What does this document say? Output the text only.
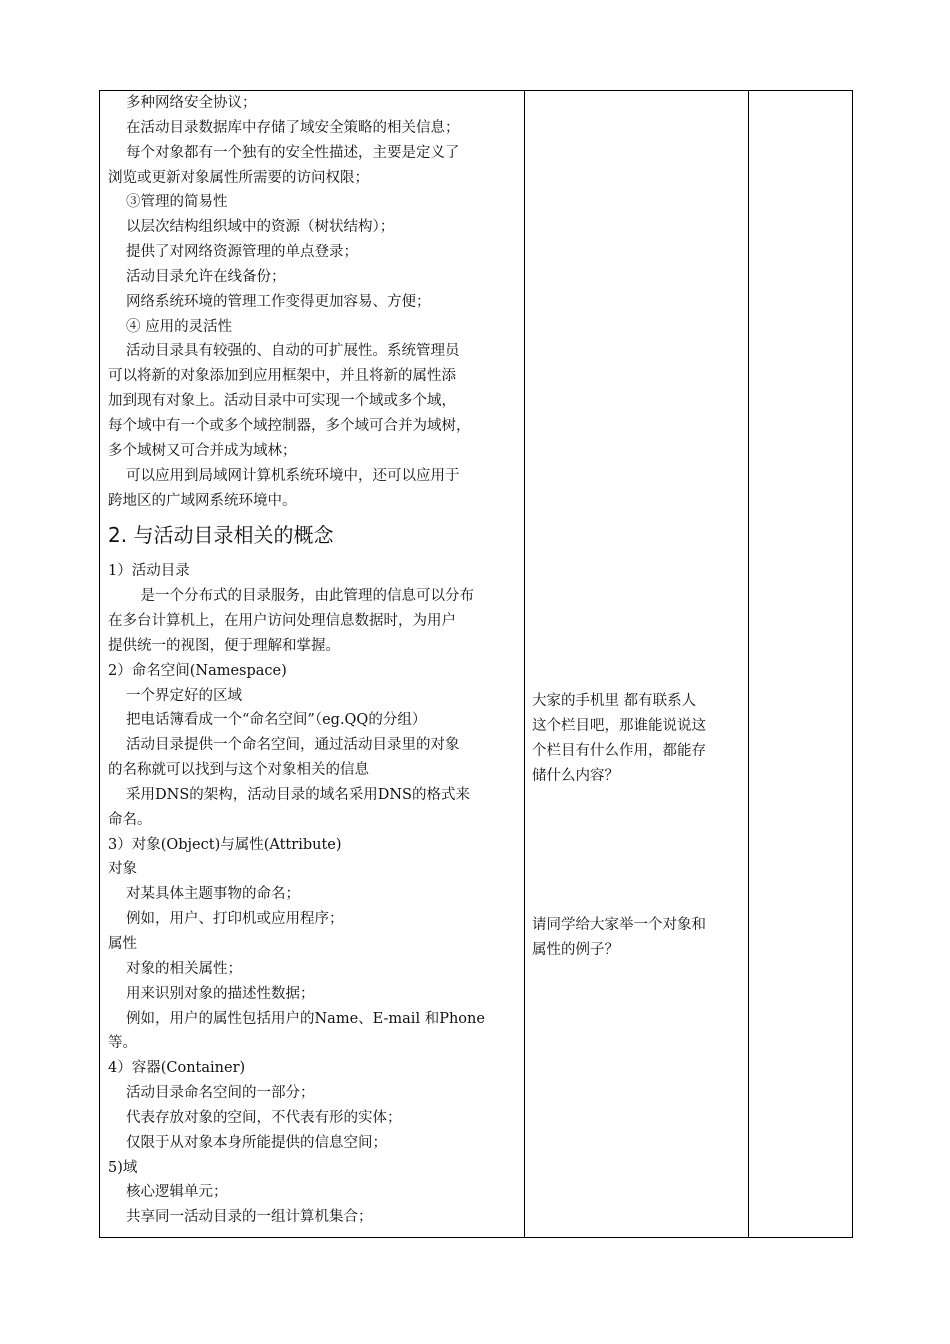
多种网络安全协议；
在活动目录数据库中存储了域安全策略的相关信息；
每个对象都有一个独有的安全性描述，主要是定义了
浏览或更新对象属性所需要的访问权限；
③管理的简易性
以层次结构组织域中的资源（树状结构）；
提供了对网络资源管理的单点登录；
活动目录允许在线备份；
网络系统环境的管理工作变得更加容易、方便；
④ 应用的灵活性
活动目录具有较强的、自动的可扩展性。系统管理员
可以将新的对象添加到应用框架中，并且将新的属性添
加到现有对象上。活动目录中可实现一个域或多个域，
每个域中有一个或多个域控制器，多个域可合并为域树，
多个域树又可合并成为域林；
可以应用到局域网计算机系统环境中，还可以应用于
跨地区的广域网系统环境中。
2. 与活动目录相关的概念
1）活动目录
　是一个分布式的目录服务，由此管理的信息可以分布
在多台计算机上，在用户访问处理信息数据时，为用户
提供统一的视图，便于理解和掌握。
2）命名空间(Namespace)
一个界定好的区域
把电话簿看成一个“命名空间”（eg.QQ的分组）
活动目录提供一个命名空间，通过活动目录里的对象
的名称就可以找到与这个对象相关的信息
采用DNS的架构，活动目录的域名采用DNS的格式来
命名。
3）对象(Object)与属性(Attribute)
对象
对某具体主题事物的命名；
例如，用户、打印机或应用程序；
属性
对象的相关属性；
用来识别对象的描述性数据；
例如，用户的属性包括用户的Name、E-mail 和Phone
等。
4）容器(Container)
活动目录命名空间的一部分；
代表存放对象的空间，不代表有形的实体；
仅限于从对象本身所能提供的信息空间；
5)域
核心逻辑单元；
共享同一活动目录的一组计算机集合；
大家的手机里 都有联系人
这个栏目吧，那谁能说说这
个栏目有什么作用，都能存
储什么内容？
请同学给大家举一个对象和
属性的例子？
